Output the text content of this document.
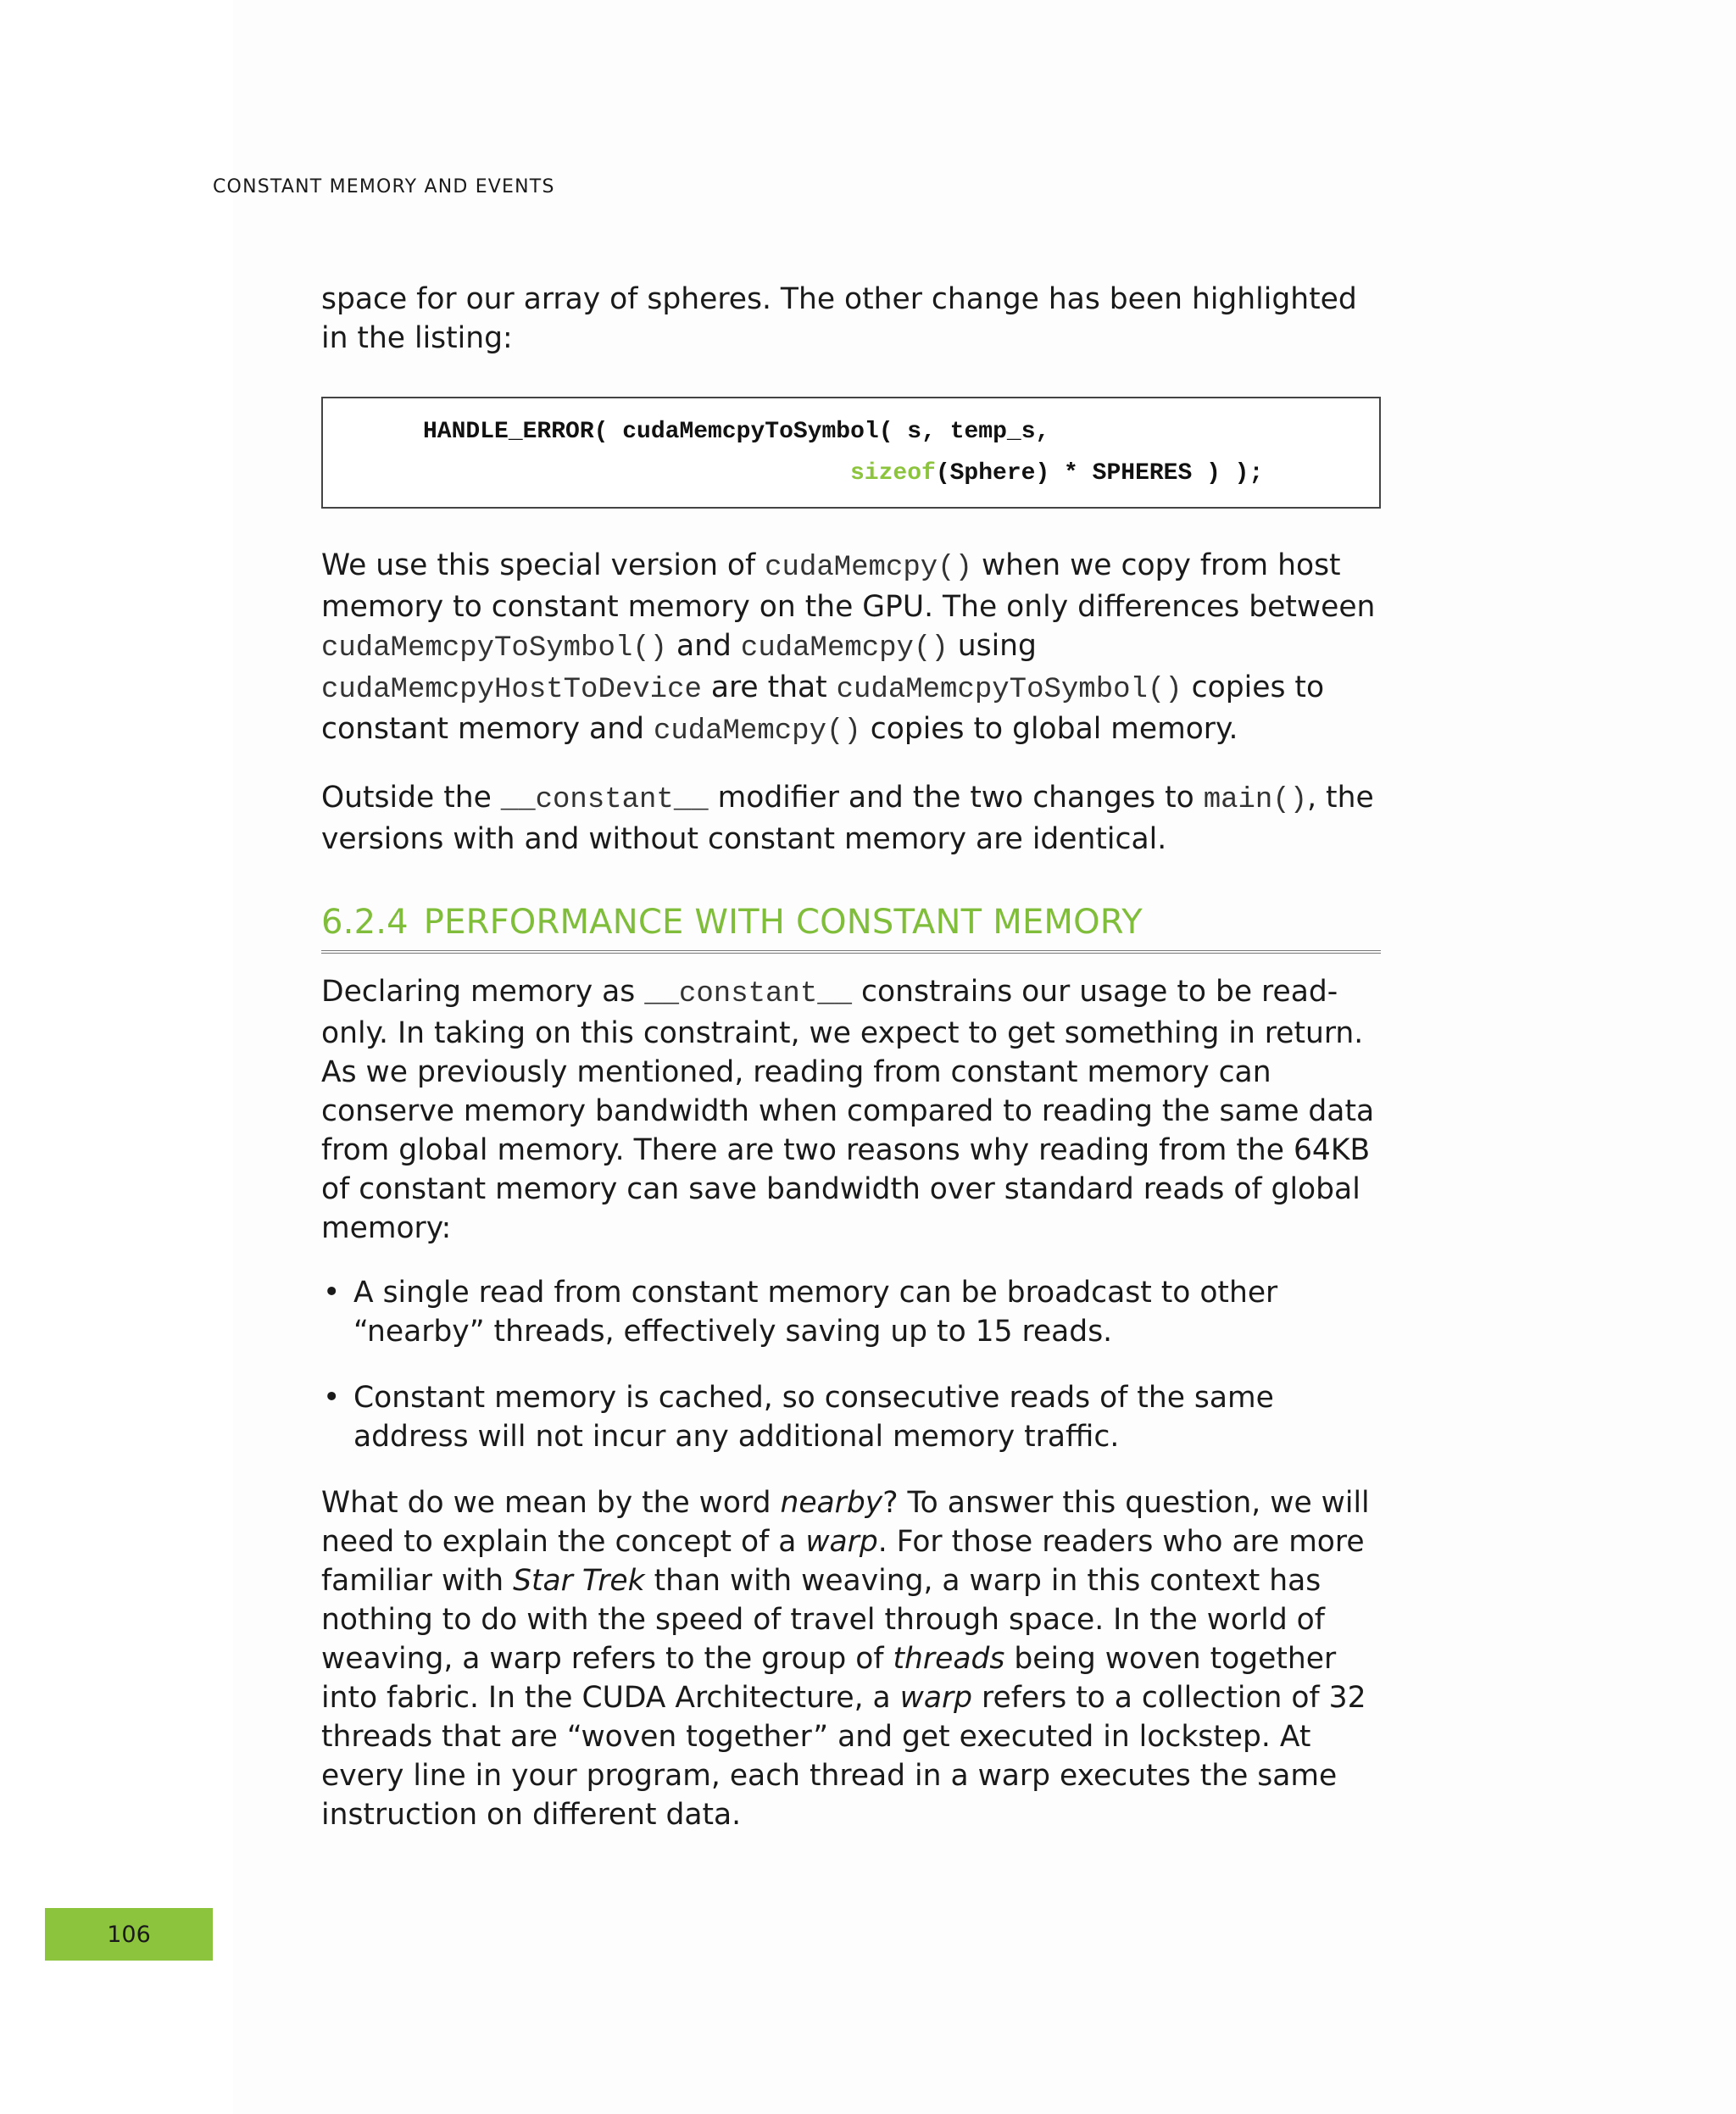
CONSTANT MEMORY AND EVENTS

space for our array of spheres. The other change has been highlighted in the listing:

HANDLE_ERROR( cudaMemcpyToSymbol( s, temp_s,
sizeof(Sphere) * SPHERES ) );

We use this special version of cudaMemcpy() when we copy from host memory to constant memory on the GPU. The only differences between cudaMemcpyToSymbol() and cudaMemcpy() using cudaMemcpyHostToDevice are that cudaMemcpyToSymbol() copies to constant memory and cudaMemcpy() copies to global memory.

Outside the __constant__ modifier and the two changes to main(), the versions with and without constant memory are identical.

6.2.4 PERFORMANCE WITH CONSTANT MEMORY

Declaring memory as __constant__ constrains our usage to be read-only. In taking on this constraint, we expect to get something in return. As we previously mentioned, reading from constant memory can conserve memory bandwidth when compared to reading the same data from global memory. There are two reasons why reading from the 64KB of constant memory can save bandwidth over standard reads of global memory:

• A single read from constant memory can be broadcast to other “nearby” threads, effectively saving up to 15 reads.
• Constant memory is cached, so consecutive reads of the same address will not incur any additional memory traffic.

What do we mean by the word nearby? To answer this question, we will need to explain the concept of a warp. For those readers who are more familiar with Star Trek than with weaving, a warp in this context has nothing to do with the speed of travel through space. In the world of weaving, a warp refers to the group of threads being woven together into fabric. In the CUDA Architecture, a warp refers to a collection of 32 threads that are “woven together” and get executed in lockstep. At every line in your program, each thread in a warp executes the same instruction on different data.

106
